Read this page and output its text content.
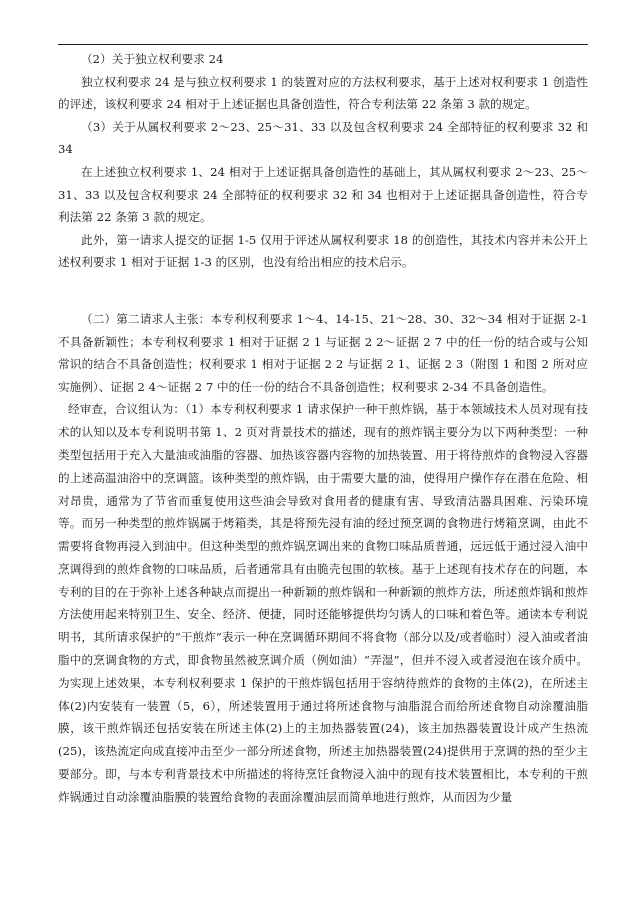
（2）关于独立权利要求 24

独立权利要求 24 是与独立权利要求 1 的装置对应的方法权利要求，基于上述对权利要求 1 创造性的评述，该权利要求 24 相对于上述证据也具备创造性，符合专利法第 22 条第 3 款的规定。

（3）关于从属权利要求 2～23、25～31、33 以及包含权利要求 24 全部特征的权利要求 32 和 34

在上述独立权利要求 1、24 相对于上述证据具备创造性的基础上，其从属权利要求 2～23、25～31、33 以及包含权利要求 24 全部特征的权利要求 32 和 34 也相对于上述证据具备创造性，符合专利法第 22 条第 3 款的规定。

此外，第一请求人提交的证据 1-5 仅用于评述从属权利要求 18 的创造性，其技术内容并未公开上述权利要求 1 相对于证据 1-3 的区别，也没有给出相应的技术启示。

（二）第二请求人主张：本专利权利要求 1～4、14-15、21～28、30、32～34 相对于证据 2-1 不具备新颖性；本专利权利要求 1 相对于证据 2 1 与证据 2 2～证据 2 7 中的任一份的结合或与公知常识的结合不具备创造性；权利要求 1 相对于证据 2 2 与证据 2 1、证据 2 3（附图 1 和图 2 所对应实施例）、证据 2 4～证据 2 7 中的任一份的结合不具备创造性；权利要求 2-34 不具备创造性。

经审查，合议组认为：（1）本专利权利要求 1 请求保护一种干煎炸锅，基于本领域技术人员对现有技术的认知以及本专利说明书第 1、2 页对背景技术的描述，现有的煎炸锅主要分为以下两种类型：一种类型包括用于充入大量油或油脂的容器、加热该容器内容物的加热装置、用于将待煎炸的食物浸入容器的上述高温油浴中的烹调篮。该种类型的煎炸锅，由于需要大量的油，使得用户操作存在潜在危险、相对昂贵，通常为了节省而重复使用这些油会导致对食用者的健康有害、导致清洁器具困难、污染环境等。而另一种类型的煎炸锅属于烤箱类，其是将预先浸有油的经过预烹调的食物进行烤箱烹调，由此不需要将食物再浸入到油中。但这种类型的煎炸锅烹调出来的食物口味品质普通，远远低于通过浸入油中烹调得到的煎炸食物的口味品质，后者通常具有由脆壳包围的软核。基于上述现有技术存在的问题，本专利的目的在于弥补上述各种缺点而提出一种新颖的煎炸锅和一种新颖的煎炸方法，所述煎炸锅和煎炸方法使用起来特别卫生、安全、经济、便捷，同时还能够提供均匀诱人的口味和着色等。通读本专利说明书，其所请求保护的“干煎炸”表示一种在烹调循环期间不将食物（部分以及/或者临时）浸入油或者油脂中的烹调食物的方式，即食物虽然被烹调介质（例如油）“弄湿”，但并不浸入或者浸泡在该介质中。为实现上述效果，本专利权利要求 1 保护的干煎炸锅包括用于容纳待煎炸的食物的主体(2)，在所述主体(2)内安装有一装置（5，6），所述装置用于通过将所述食物与油脂混合而给所述食物自动涂覆油脂膜，该干煎炸锅还包括安装在所述主体(2)上的主加热器装置(24)，该主加热器装置设计成产生热流(25)，该热流定向成直接冲击至少一部分所述食物，所述主加热器装置(24)提供用于烹调的热的至少主要部分。即，与本专利背景技术中所描述的将待烹饪食物浸入油中的现有技术装置相比，本专利的干煎炸锅通过自动涂覆油脂膜的装置给食物的表面涂覆油层而简单地进行煎炸，从而因为少量
